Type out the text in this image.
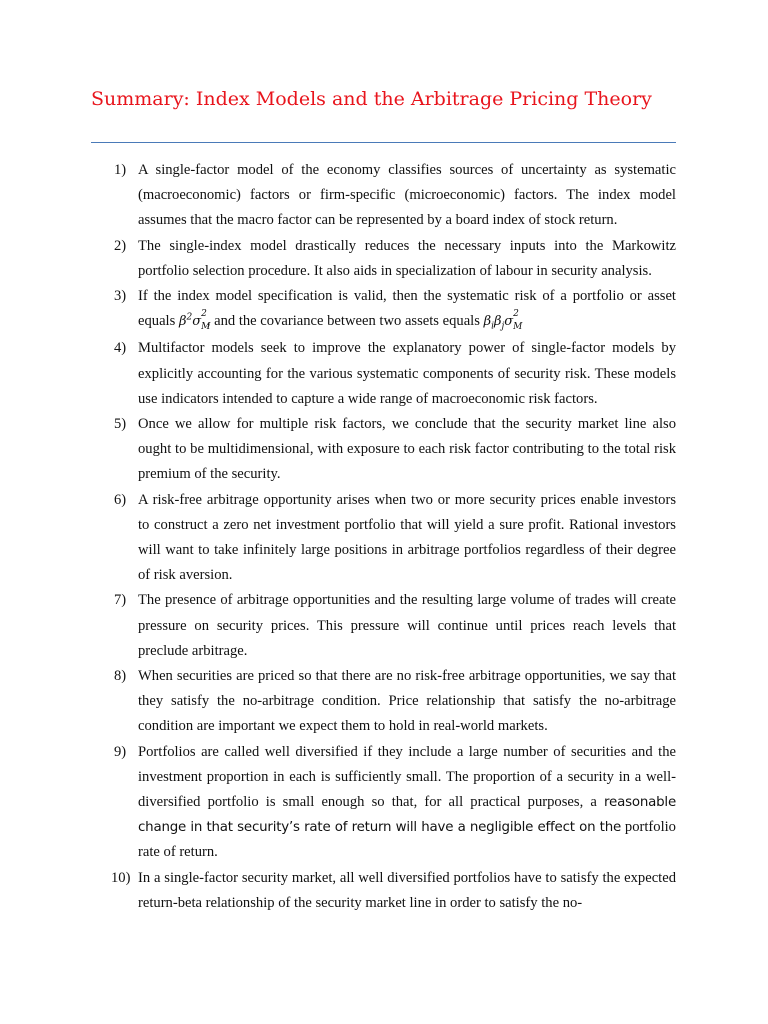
Summary: Index Models and the Arbitrage Pricing Theory
1) A single-factor model of the economy classifies sources of uncertainty as systematic (macroeconomic) factors or firm-specific (microeconomic) factors. The index model assumes that the macro factor can be represented by a board index of stock return.
2) The single-index model drastically reduces the necessary inputs into the Markowitz portfolio selection procedure. It also aids in specialization of labour in security analysis.
3) If the index model specification is valid, then the systematic risk of a portfolio or asset equals $\beta^2\sigma$ 2
M
, and the covariance between two assets equals $\beta_i\beta_j\sigma$ 2
M
4) Multifactor models seek to improve the explanatory power of single-factor models by explicitly accounting for the various systematic components of security risk. These models use indicators intended to capture a wide range of macroeconomic risk factors.
5) Once we allow for multiple risk factors, we conclude that the security market line also ought to be multidimensional, with exposure to each risk factor contributing to the total risk premium of the security.
6) A risk-free arbitrage opportunity arises when two or more security prices enable investors to construct a zero net investment portfolio that will yield a sure profit. Rational investors will want to take infinitely large positions in arbitrage portfolios regardless of their degree of risk aversion.
7) The presence of arbitrage opportunities and the resulting large volume of trades will create pressure on security prices. This pressure will continue until prices reach levels that preclude arbitrage.
8) When securities are priced so that there are no risk-free arbitrage opportunities, we say that they satisfy the no-arbitrage condition. Price relationship that satisfy the no-arbitrage condition are important we expect them to hold in real-world markets.
9) Portfolios are called well diversified if they include a large number of securities and the investment proportion in each is sufficiently small. The proportion of a security in a well-diversified portfolio is small enough so that, for all practical purposes, a reasonable change in that security’s rate of return will have a negligible effect on the portfolio rate of return.
10) In a single-factor security market, all well diversified portfolios have to satisfy the expected return-beta relationship of the security market line in order to satisfy the no-
